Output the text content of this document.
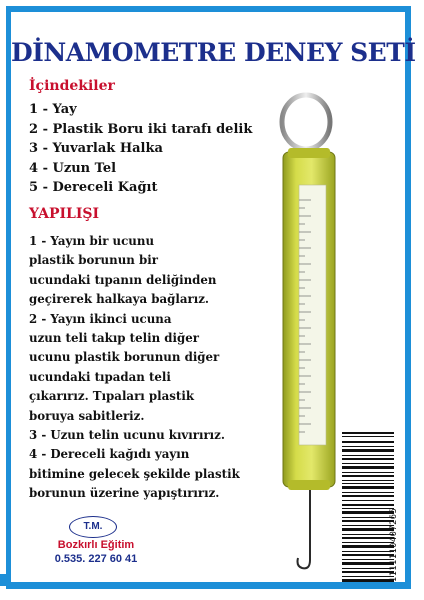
DİNAMOMETRE DENEY SETİ
İçindekiler
1 - Yay
2 - Plastik Boru iki tarafı delik
3 - Yuvarlak Halka
4 - Uzun Tel
5 - Dereceli Kağıt
YAPILIŞI
1 - Yayın bir ucunu
plastik borunun bir
ucundaki tıpanın deliğinden
geçirerek halkaya bağlarız.
2 - Yayın ikinci ucuna
uzun teli takıp telin diğer
ucunu plastik borunun diğer
ucundaki tıpadan teli
çıkarırız. Tıpaları plastik
boruya sabitleriz.
3 - Uzun telin ucunu kıvırırız.
4 - Dereceli kağıdı yayın
bitimine gelecek şekilde plastik
borunun üzerine yapıştırırız.
T.M.
Bozkırlı Eğitim
0.535. 227 60 41	1111110407265
